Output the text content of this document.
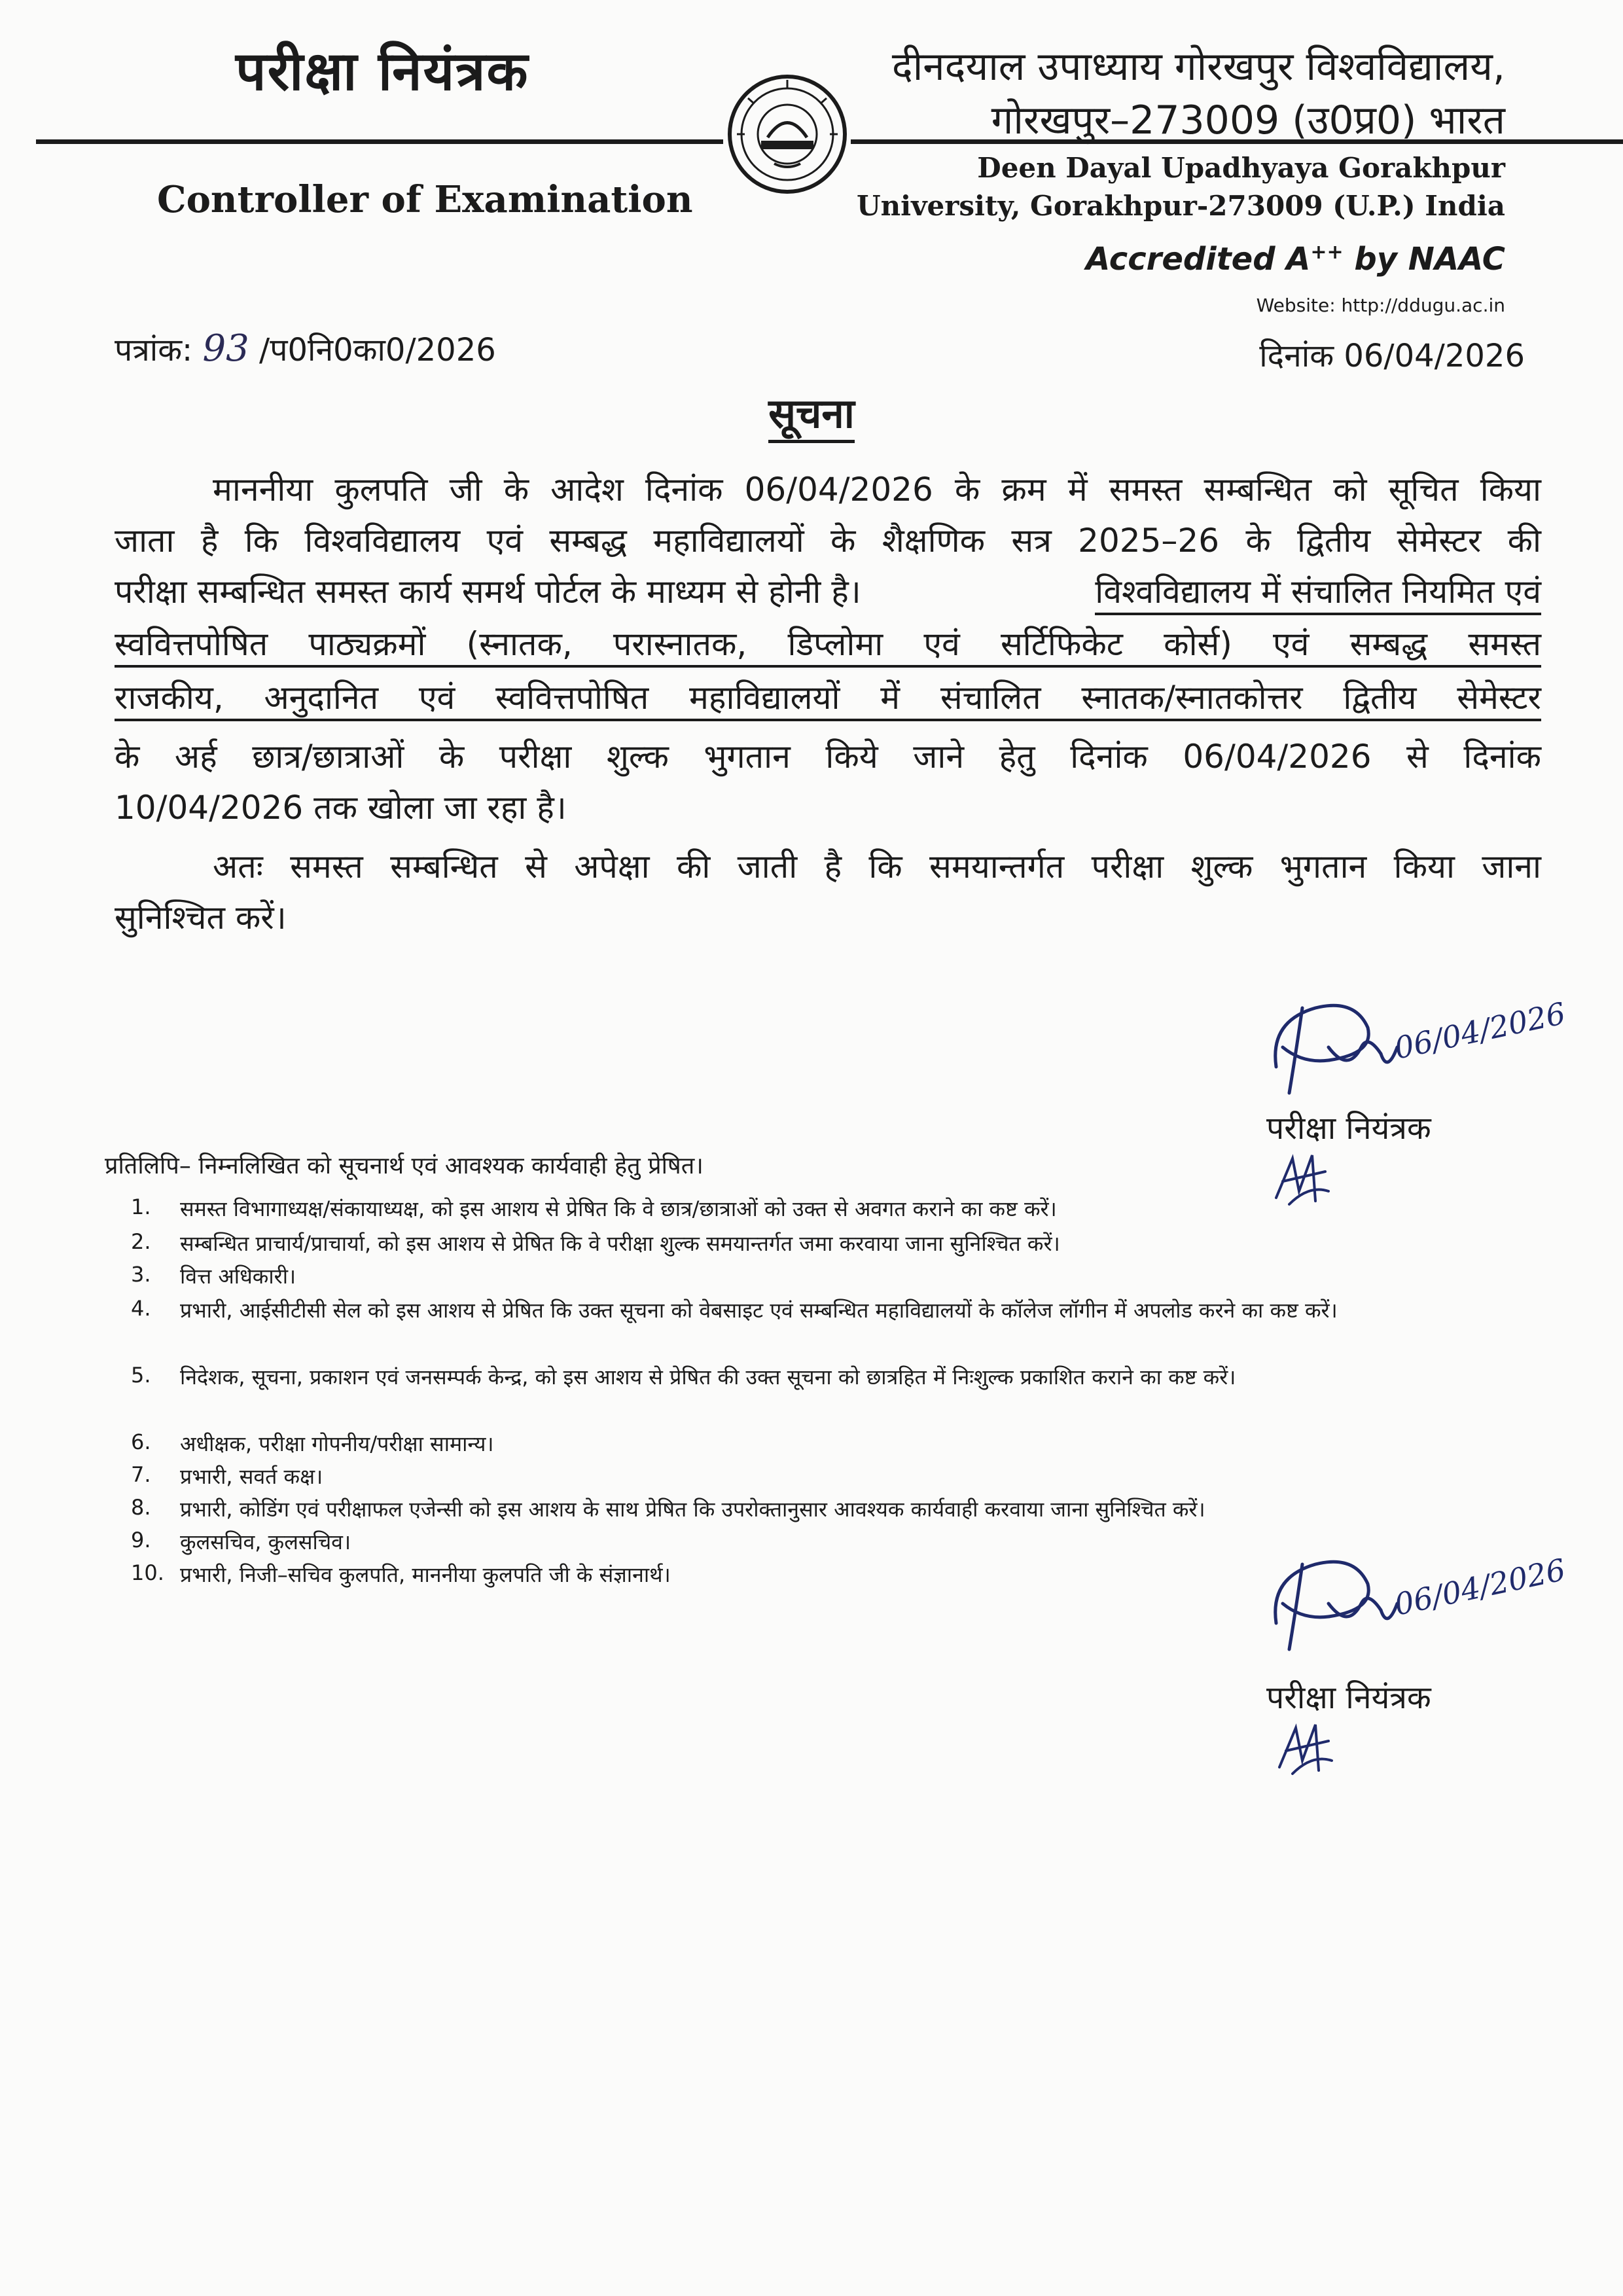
परीक्षा नियंत्रक
Controller of Examination
दीनदयाल उपाध्याय गोरखपुर विश्वविद्यालय,
गोरखपुर–273009 (उ0प्र0) भारत
Deen Dayal Upadhyaya Gorakhpur
University, Gorakhpur-273009 (U.P.) India
Accredited A++ by NAAC
Website: http://ddugu.ac.in
पत्रांक: 93 /प0नि0का0/2026	दिनांक 06/04/2026
सूचना
माननीया कुलपति जी के आदेश दिनांक 06/04/2026 के क्रम में समस्त सम्बन्धित को सूचित किया
जाता है कि विश्वविद्यालय एवं सम्बद्ध महाविद्यालयों के शैक्षणिक सत्र 2025–26 के द्वितीय सेमेस्टर की
परीक्षा सम्बन्धित समस्त कार्य समर्थ पोर्टल के माध्यम से होनी है।	विश्वविद्यालय में संचालित नियमित एवं
स्ववित्तपोषित पाठ्यक्रमों (स्नातक, परास्नातक, डिप्लोमा एवं सर्टिफिकेट कोर्स) एवं सम्बद्ध समस्त
राजकीय, अनुदानित एवं स्ववित्तपोषित महाविद्यालयों में संचालित स्नातक/स्नातकोत्तर द्वितीय सेमेस्टर
के अर्ह छात्र/छात्राओं के परीक्षा शुल्क भुगतान किये जाने हेतु दिनांक 06/04/2026 से दिनांक
10/04/2026 तक खोला जा रहा है।
अतः समस्त सम्बन्धित से अपेक्षा की जाती है कि समयान्तर्गत परीक्षा शुल्क भुगतान किया जाना
सुनिश्चित करें।
06/04/2026
परीक्षा नियंत्रक
प्रतिलिपि– निम्नलिखित को सूचनार्थ एवं आवश्यक कार्यवाही हेतु प्रेषित।
1.	समस्त विभागाध्यक्ष/संकायाध्यक्ष, को इस आशय से प्रेषित कि वे छात्र/छात्राओं को उक्त से अवगत कराने का कष्ट करें।
2.	सम्बन्धित प्राचार्य/प्राचार्या, को इस आशय से प्रेषित कि वे परीक्षा शुल्क समयान्तर्गत जमा करवाया जाना सुनिश्चित करें।
3.	वित्त अधिकारी।
4.	प्रभारी, आईसीटीसी सेल को इस आशय से प्रेषित कि उक्त सूचना को वेबसाइट एवं सम्बन्धित महाविद्यालयों के कॉलेज लॉगीन में अपलोड करने का कष्ट करें।
5.	निदेशक, सूचना, प्रकाशन एवं जनसम्पर्क केन्द्र, को इस आशय से प्रेषित की उक्त सूचना को छात्रहित में निःशुल्क प्रकाशित कराने का कष्ट करें।
6.	अधीक्षक, परीक्षा गोपनीय/परीक्षा सामान्य।
7.	प्रभारी, सवर्त कक्ष।
8.	प्रभारी, कोडिंग एवं परीक्षाफल एजेन्सी को इस आशय के साथ प्रेषित कि उपरोक्तानुसार आवश्यक कार्यवाही करवाया जाना सुनिश्चित करें।
9.	कुलसचिव, कुलसचिव।
10. प्रभारी, निजी–सचिव कुलपति, माननीया कुलपति जी के संज्ञानार्थ।	06/04/2026
परीक्षा नियंत्रक
